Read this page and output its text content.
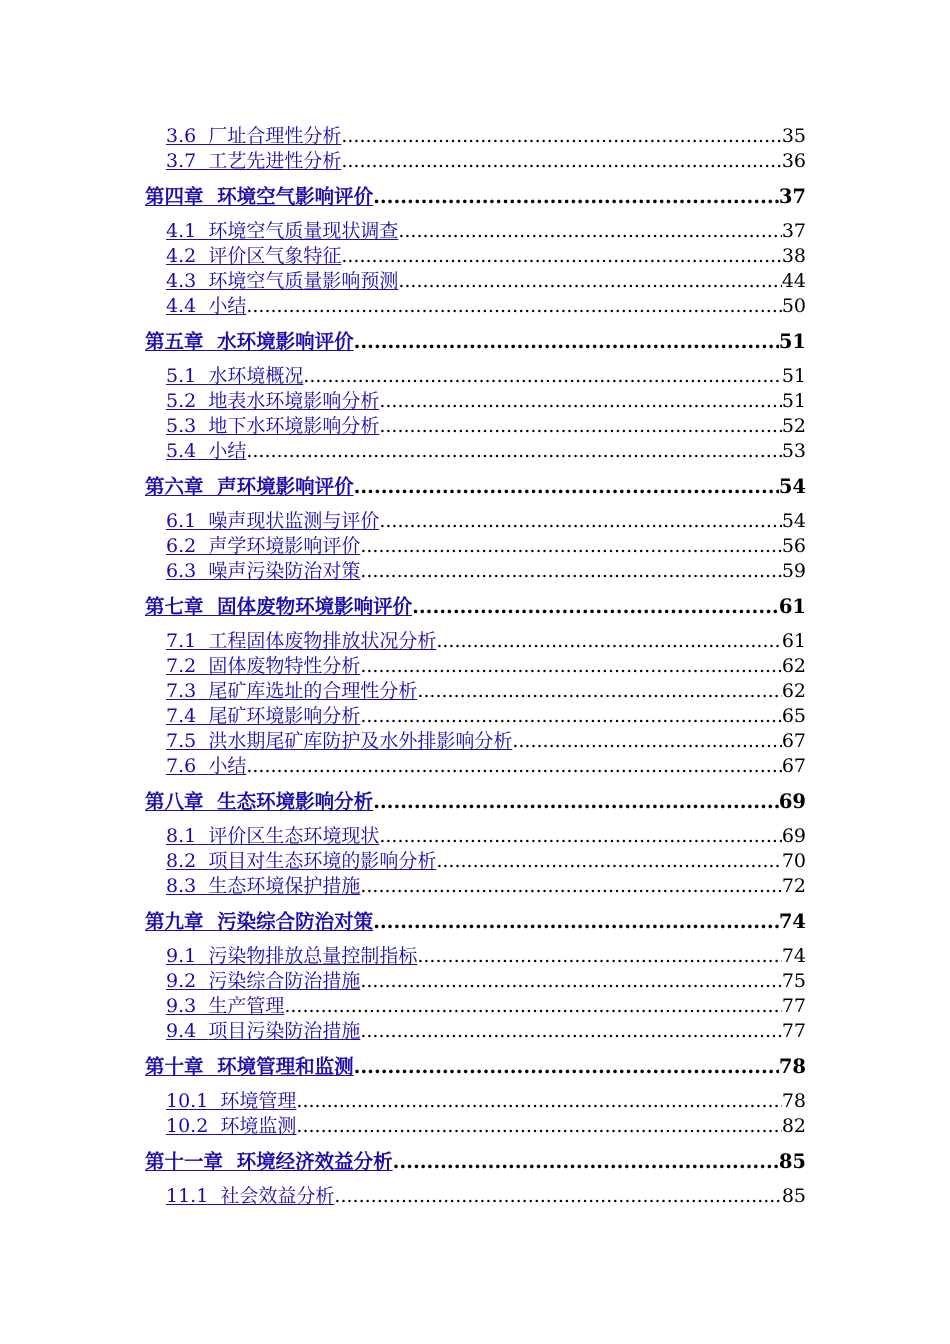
3.6 厂址合理性分析 .....	35
3.7 工艺先进性分析 .....	36
第四章 环境空气影响评价 .....	37
4.1 环境空气质量现状调查 .....	37
4.2 评价区气象特征 .....	38
4.3 环境空气质量影响预测 .....	44
4.4 小结 .....	50
第五章 水环境影响评价 .....	51
5.1 水环境概况 .....	51
5.2 地表水环境影响分析 .....	51
5.3 地下水环境影响分析 .....	52
5.4 小结 .....	53
第六章 声环境影响评价 .....	54
6.1 噪声现状监测与评价 .....	54
6.2 声学环境影响评价 .....	56
6.3 噪声污染防治对策 .....	59
第七章 固体废物环境影响评价 .....	61
7.1 工程固体废物排放状况分析 .....	61
7.2 固体废物特性分析 .....	62
7.3 尾矿库选址的合理性分析 .....	62
7.4 尾矿环境影响分析 .....	65
7.5 洪水期尾矿库防护及水外排影响分析 .....	67
7.6 小结 .....	67
第八章 生态环境影响分析 .....	69
8.1 评价区生态环境现状 .....	69
8.2 项目对生态环境的影响分析 .....	70
8.3 生态环境保护措施 .....	72
第九章 污染综合防治对策 .....	74
9.1 污染物排放总量控制指标 .....	74
9.2 污染综合防治措施 .....	75
9.3 生产管理 .....	77
9.4 项目污染防治措施 .....	77
第十章 环境管理和监测 .....	78
10.1 环境管理 .....	78
10.2 环境监测 .....	82
第十一章 环境经济效益分析 .....	85
11.1 社会效益分析 .....	85
